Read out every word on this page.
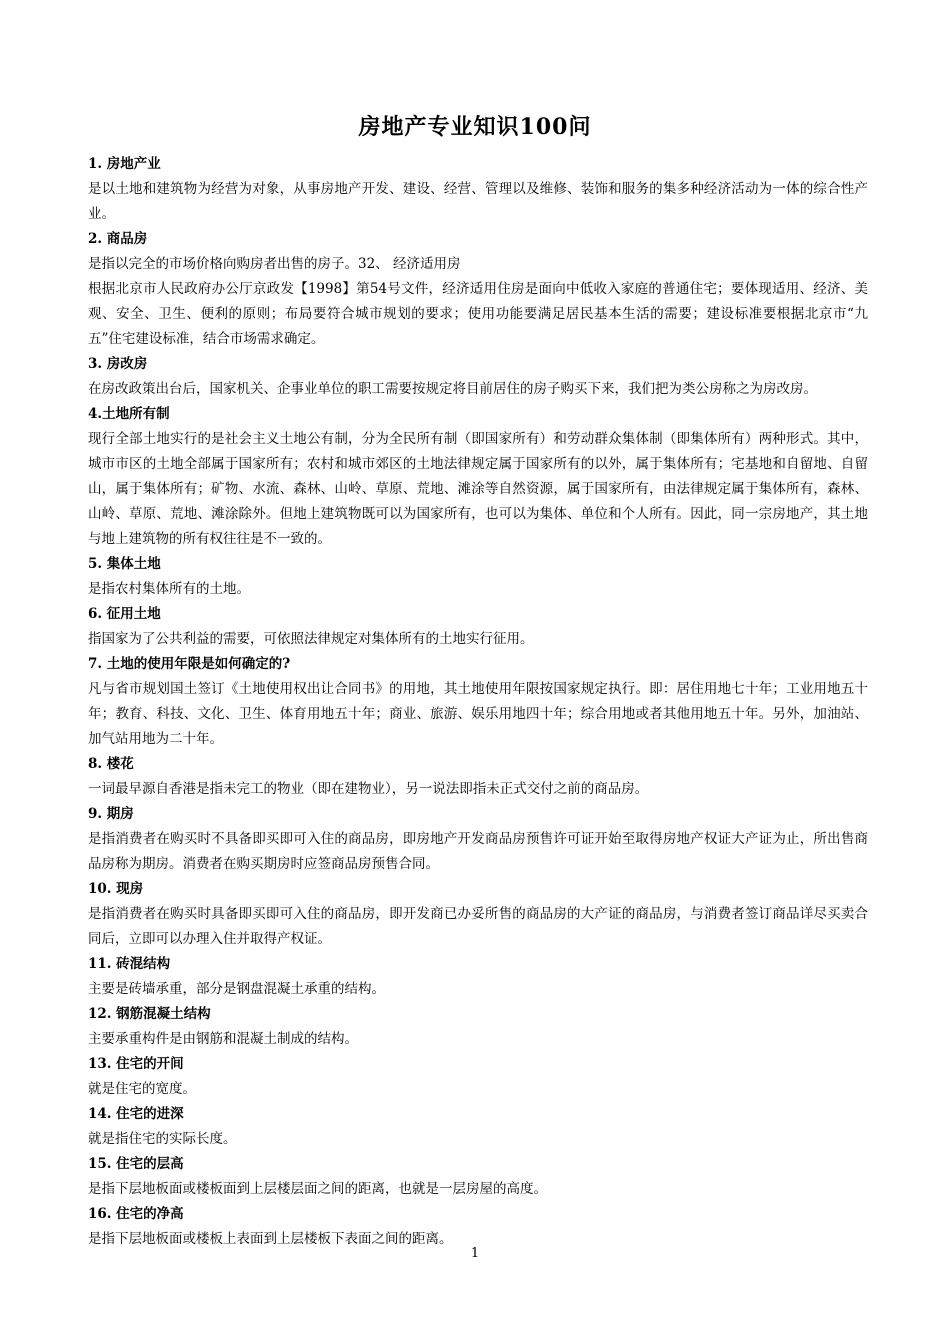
房地产专业知识100问
1. 房地产业
是以土地和建筑物为经营为对象，从事房地产开发、建设、经营、管理以及维修、装饰和服务的集多种经济活动为一体的综合性产业。
2. 商品房
是指以完全的市场价格向购房者出售的房子。32、 经济适用房
根据北京市人民政府办公厅京政发【1998】第54号文件，经济适用住房是面向中低收入家庭的普通住宅；要体现适用、经济、美观、安全、卫生、便利的原则；布局要符合城市规划的要求；使用功能要满足居民基本生活的需要；建设标准要根据北京市“九五”住宅建设标准，结合市场需求确定。
3. 房改房
在房改政策出台后，国家机关、企事业单位的职工需要按规定将目前居住的房子购买下来，我们把为类公房称之为房改房。
4.土地所有制
现行全部土地实行的是社会主义土地公有制，分为全民所有制（即国家所有）和劳动群众集体制（即集体所有）两种形式。其中，城市市区的土地全部属于国家所有；农村和城市郊区的土地法律规定属于国家所有的以外，属于集体所有；宅基地和自留地、自留山，属于集体所有；矿物、水流、森林、山岭、草原、荒地、滩涂等自然资源，属于国家所有，由法律规定属于集体所有，森林、山岭、草原、荒地、滩涂除外。但地上建筑物既可以为国家所有，也可以为集体、单位和个人所有。因此，同一宗房地产，其土地与地上建筑物的所有权往往是不一致的。
5. 集体土地
是指农村集体所有的土地。
6. 征用土地
指国家为了公共利益的需要，可依照法律规定对集体所有的土地实行征用。
7. 土地的使用年限是如何确定的?
凡与省市规划国土签订《土地使用权出让合同书》的用地，其土地使用年限按国家规定执行。即：居住用地七十年；工业用地五十年；教育、科技、文化、卫生、体育用地五十年；商业、旅游、娱乐用地四十年；综合用地或者其他用地五十年。另外，加油站、加气站用地为二十年。
8. 楼花
一词最早源自香港是指未完工的物业（即在建物业），另一说法即指未正式交付之前的商品房。
9. 期房
是指消费者在购买时不具备即买即可入住的商品房，即房地产开发商品房预售许可证开始至取得房地产权证大产证为止，所出售商品房称为期房。消费者在购买期房时应签商品房预售合同。
10. 现房
是指消费者在购买时具备即买即可入住的商品房，即开发商已办妥所售的商品房的大产证的商品房，与消费者签订商品详尽买卖合同后，立即可以办理入住并取得产权证。
11. 砖混结构
主要是砖墙承重，部分是钢盘混凝土承重的结构。
12. 钢筋混凝土结构
主要承重构件是由钢筋和混凝土制成的结构。
13. 住宅的开间
就是住宅的宽度。
14. 住宅的进深
就是指住宅的实际长度。
15. 住宅的层高
是指下层地板面或楼板面到上层楼层面之间的距离，也就是一层房屋的高度。
16. 住宅的净高
是指下层地板面或楼板上表面到上层楼板下表面之间的距离。
1
